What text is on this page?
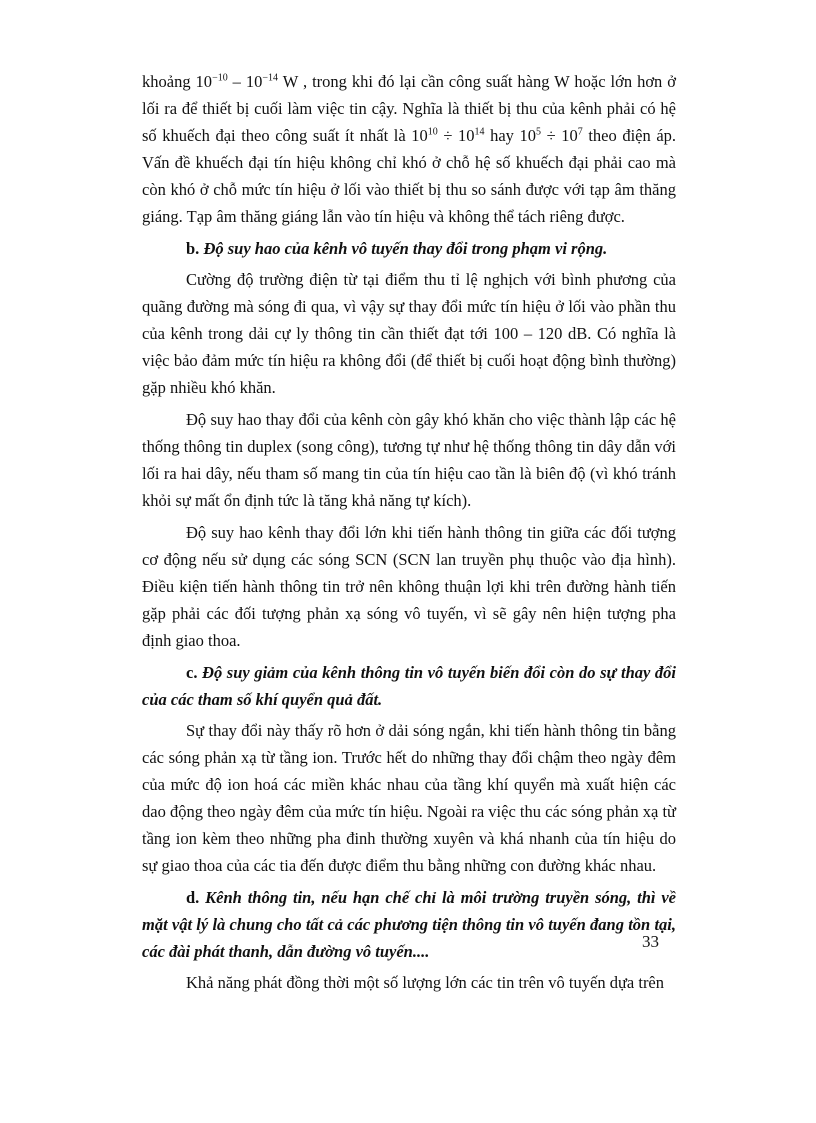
khoảng $10^{-10} - 10^{-14}$ W , trong khi đó lại cần công suất hàng W hoặc lớn hơn ở lối ra để thiết bị cuối làm việc tin cậy. Nghĩa là thiết bị thu của kênh phải có hệ số khuếch đại theo công suất ít nhất là $10^{10} \div 10^{14}$ hay $10^5 \div 10^7$ theo điện áp. Vấn đề khuếch đại tín hiệu không chỉ khó ở chỗ hệ số khuếch đại phải cao mà còn khó ở chỗ mức tín hiệu ở lối vào thiết bị thu so sánh được với tạp âm thăng giáng. Tạp âm thăng giáng lẫn vào tín hiệu và không thể tách riêng được.

b. Độ suy hao của kênh vô tuyến thay đổi trong phạm vi rộng.

Cường độ trường điện từ tại điểm thu tỉ lệ nghịch với bình phương của quãng đường mà sóng đi qua, vì vậy sự thay đổi mức tín hiệu ở lối vào phần thu của kênh trong dải cự ly thông tin cần thiết đạt tới 100 – 120 dB. Có nghĩa là việc bảo đảm mức tín hiệu ra không đổi (để thiết bị cuối hoạt động bình thường) gặp nhiều khó khăn.

Độ suy hao thay đổi của kênh còn gây khó khăn cho việc thành lập các hệ thống thông tin duplex (song công), tương tự như hệ thống thông tin dây dẫn với lối ra hai dây, nếu tham số mang tin của tín hiệu cao tần là biên độ (vì khó tránh khỏi sự mất ổn định tức là tăng khả năng tự kích).

Độ suy hao kênh thay đổi lớn khi tiến hành thông tin giữa các đối tượng cơ động nếu sử dụng các sóng SCN (SCN lan truyền phụ thuộc vào địa hình). Điều kiện tiến hành thông tin trở nên không thuận lợi khi trên đường hành tiến gặp phải các đối tượng phản xạ sóng vô tuyến, vì sẽ gây nên hiện tượng pha định giao thoa.

c. Độ suy giảm của kênh thông tin vô tuyến biến đổi còn do sự thay đổi của các tham số khí quyển quả đất.

Sự thay đổi này thấy rõ hơn ở dải sóng ngắn, khi tiến hành thông tin bằng các sóng phản xạ từ tầng ion. Trước hết do những thay đổi chậm theo ngày đêm của mức độ ion hoá các miền khác nhau của tầng khí quyển mà xuất hiện các dao động theo ngày đêm của mức tín hiệu. Ngoài ra việc thu các sóng phản xạ từ tầng ion kèm theo những pha đinh thường xuyên và khá nhanh của tín hiệu do sự giao thoa của các tia đến được điểm thu bằng những con đường khác nhau.

d. Kênh thông tin, nếu hạn chế chỉ là môi trường truyền sóng, thì về mặt vật lý là chung cho tất cả các phương tiện thông tin vô tuyến đang tồn tại, các đài phát thanh, dẫn đường vô tuyến....

Khả năng phát đồng thời một số lượng lớn các tin trên vô tuyến dựa trên

33
